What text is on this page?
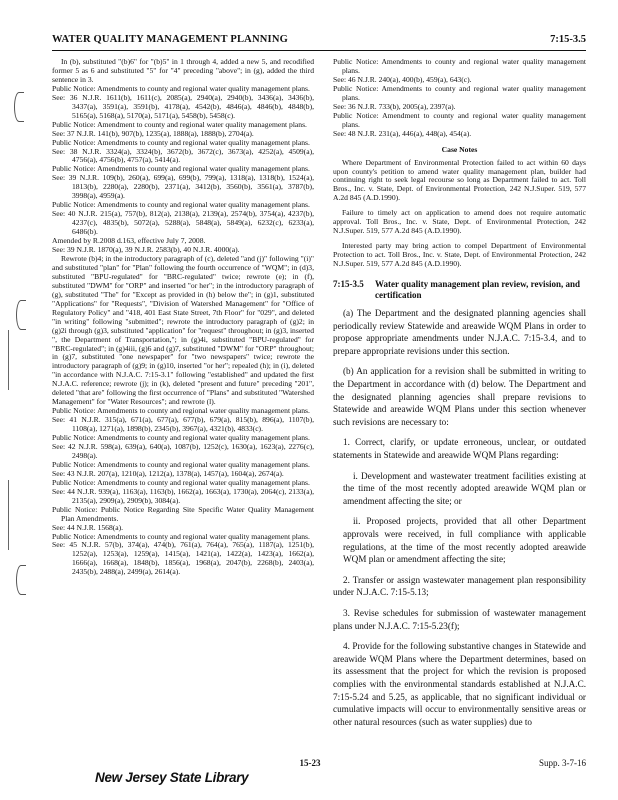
WATER QUALITY MANAGEMENT PLANNING	7:15-3.5

In (b), substituted "(b)6" for "(b)5" in 1 through 4, added a new 5, and recodified former 5 as 6 and substituted "5" for "4" preceding "above"; in (g), added the third sentence in 3.

Public Notice: Amendments to county and regional water quality management plans.

See: 36 N.J.R. 1611(b), 1611(c), 2085(a), 2940(a), 2940(b), 3436(a), 3436(b), 3437(a), 3591(a), 3591(b), 4178(a), 4542(b), 4846(a), 4846(b), 4848(b), 5165(a), 5168(a), 5170(a), 5171(a), 5458(b), 5458(c).

Public Notice: Amendment to county and regional water quality management plans.

See: 37 N.J.R. 141(b), 907(b), 1235(a), 1888(a), 1888(b), 2704(a).

Public Notice: Amendments to county and regional water quality management plans.

See: 38 N.J.R. 3324(a), 3324(b), 3672(b), 3672(c), 3673(a), 4252(a), 4509(a), 4756(a), 4756(b), 4757(a), 5414(a).

Public Notice: Amendments to county and regional water quality management plans.

See: 39 N.J.R. 109(b), 260(a), 699(a), 699(b), 799(a), 1318(a), 1318(b), 1524(a), 1813(b), 2280(a), 2280(b), 2371(a), 3412(b), 3560(b), 3561(a), 3787(b), 3998(a), 4959(a).

Public Notice: Amendments to county and regional water quality management plans.

See: 40 N.J.R. 215(a), 757(b), 812(a), 2138(a), 2139(a), 2574(b), 3754(a), 4237(b), 4237(c), 4835(b), 5072(a), 5288(a), 5848(a), 5849(a), 6232(c), 6233(a), 6486(b).

Amended by R.2008 d.163, effective July 7, 2008.

See: 39 N.J.R. 1870(a), 39 N.J.R. 2583(b), 40 N.J.R. 4000(a).

Rewrote (b)4; in the introductory paragraph of (c), deleted "and (j)" following "(i)" and substituted "plan" for "Plan" following the fourth occurrence of "WQM"; in (d)3, substituted "BPU-regulated" for "BRC-regulated" twice; rewrote (e); in (f), substituted "DWM" for "ORP" and inserted "or her"; in the introductory paragraph of (g), substituted "The" for "Except as provided in (h) below the"; in (g)1, substituted "Applications" for "Requests", "Division of Watershed Management" for "Office of Regulatory Policy" and "418, 401 East State Street, 7th Floor" for "029", and deleted "in writing" following "submitted"; rewrote the introductory paragraph of (g)2; in (g)2i through (g)3, substituted "application" for "request" throughout; in (g)3, inserted ", the Department of Transportation,"; in (g)4i, substituted "BPU-regulated" for "BRC-regulated"; in (g)4iii, (g)6 and (g)7, substituted "DWM" for "ORP" throughout; in (g)7, substituted "one newspaper" for "two newspapers" twice; rewrote the introductory paragraph of (g)9; in (g)10, inserted "or her"; repealed (h); in (i), deleted "in accordance with N.J.A.C. 7:15-3.1" following "established" and updated the first N.J.A.C. reference; rewrote (j); in (k), deleted "present and future" preceding "201", deleted "that are" following the first occurrence of "Plans" and substituted "Watershed Management" for "Water Resources"; and rewrote (l).

Public Notice: Amendments to county and regional water quality management plans.

See: 41 N.J.R. 315(a), 671(a), 677(a), 677(b), 679(a), 815(b), 896(a), 1107(b), 1108(a), 1271(a), 1898(b), 2345(b), 3967(a), 4321(b), 4833(c).

Public Notice: Amendments to county and regional water quality management plans.

See: 42 N.J.R. 598(a), 639(a), 640(a), 1087(b), 1252(c), 1630(a), 1623(a), 2276(c), 2498(a).

Public Notice: Amendments to county and regional water quality management plans.

See: 43 N.J.R. 207(a), 1210(a), 1212(a), 1378(a), 1457(a), 1604(a), 2674(a).

Public Notice: Amendments to county and regional water quality management plans.

See: 44 N.J.R. 939(a), 1163(a), 1163(b), 1662(a), 1663(a), 1730(a), 2064(c), 2133(a), 2135(a), 2909(a), 2909(b), 3084(a).

Public Notice: Public Notice Regarding Site Specific Water Quality Management Plan Amendments.

See: 44 N.J.R. 1568(a).

Public Notice: Amendments to county and regional water quality management plans.

See: 45 N.J.R. 57(b), 374(a), 474(b), 761(a), 764(a), 765(a), 1187(a), 1251(b), 1252(a), 1253(a), 1259(a), 1415(a), 1421(a), 1422(a), 1423(a), 1662(a), 1666(a), 1668(a), 1848(b), 1856(a), 1968(a), 2047(b), 2268(b), 2403(a), 2435(b), 2488(a), 2499(a), 2614(a).

Public Notice: Amendments to county and regional water quality management plans.

See: 46 N.J.R. 240(a), 400(b), 459(a), 643(c).

Public Notice: Amendments to county and regional water quality management plans.

See: 36 N.J.R. 733(b), 2005(a), 2397(a).

Public Notice: Amendment to county and regional water quality management plans.

See: 48 N.J.R. 231(a), 446(a), 448(a), 454(a).

Case Notes

Where Department of Environmental Protection failed to act within 60 days upon county's petition to amend water quality management plan, builder had continuing right to seek legal recourse so long as Department failed to act. Toll Bros., Inc. v. State, Dept. of Environmental Protection, 242 N.J.Super. 519, 577 A.2d 845 (A.D.1990).

Failure to timely act on application to amend does not require automatic approval. Toll Bros., Inc. v. State, Dept. of Environmental Protection, 242 N.J.Super. 519, 577 A.2d 845 (A.D.1990).

Interested party may bring action to compel Department of Environmental Protection to act. Toll Bros., Inc. v. State, Dept. of Environmental Protection, 242 N.J.Super. 519, 577 A.2d 845 (A.D.1990).

7:15-3.5	Water quality management plan review, revision, and certification

(a) The Department and the designated planning agencies shall periodically review Statewide and areawide WQM Plans in order to propose appropriate amendments under N.J.A.C. 7:15-3.4, and to prepare appropriate revisions under this section.

(b) An application for a revision shall be submitted in writing to the Department in accordance with (d) below. The Department and the designated planning agencies shall prepare revisions to Statewide and areawide WQM Plans under this section whenever such revisions are necessary to:

1. Correct, clarify, or update erroneous, unclear, or outdated statements in Statewide and areawide WQM Plans regarding:

i. Development and wastewater treatment facilities existing at the time of the most recently adopted areawide WQM plan or amendment affecting the site; or

ii. Proposed projects, provided that all other Department approvals were received, in full compliance with applicable regulations, at the time of the most recently adopted areawide WQM plan or amendment affecting the site;

2. Transfer or assign wastewater management plan responsibility under N.J.A.C. 7:15-5.13;

3. Revise schedules for submission of wastewater management plans under N.J.A.C. 7:15-5.23(f);

4. Provide for the following substantive changes in Statewide and areawide WQM Plans where the Department determines, based on its assessment that the project for which the revision is proposed complies with the environmental standards established at N.J.A.C. 7:15-5.24 and 5.25, as applicable, that no significant individual or cumulative impacts will occur to environmentally sensitive areas or other natural resources (such as water supplies) due to

15-23	Supp. 3-7-16
New Jersey State Library
